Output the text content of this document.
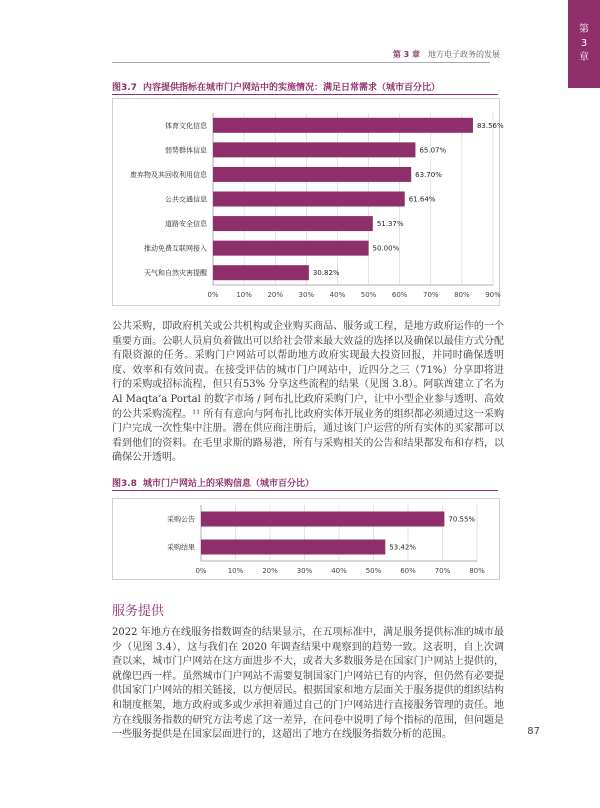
第
3
章
第 3 章 地方电子政务的发展
图3.7 内容提供指标在城市门户网站中的实施情况：满足日常需求（城市百分比）
0%	10% 20% 30% 40% 50% 60% 70% 80% 90%
体育文化信息	83.56%
弱势群体信息	65.07%
废弃物及其回收利用信息	63.70%
公共交通信息	61.64%
道路安全信息	51.37%
推动免费互联网接入	50.00%
天气和自然灾害提醒	30.82%

公共采购，即政府机关或公共机构或企业购买商品、服务或工程，是地方政府运作的一个重要方面。公职人员肩负着做出可以给社会带来最大效益的选择以及确保以最佳方式分配有限资源的任务。采购门户网站可以帮助地方政府实现最大投资回报，并同时确保透明度、效率和有效问责。在接受评估的城市门户网站中，近四分之三（71%）分享即将进行的采购或招标流程，但只有53% 分享这些流程的结果（见图 3.8）。阿联酋建立了名为 Al Maqta’a Portal 的数字市场 / 阿布扎比政府采购门户，让中小型企业参与透明、高效的公共采购流程。¹¹ 所有有意向与阿布扎比政府实体开展业务的组织都必须通过这一采购门户完成一次性集中注册。潜在供应商注册后，通过该门户运营的所有实体的买家都可以看到他们的资料。在毛里求斯的路易港，所有与采购相关的公告和结果都发布和存档，以确保公开透明。

图3.8 城市门户网站上的采购信息（城市百分比）
0%	10%	20%	30%	40%	50%	60%	70%	80%
采购公告	70.55%
采购结果	53.42%
服务提供

2022 年地方在线服务指数调查的结果显示，在五项标准中，满足服务提供标准的城市最少（见图 3.4），这与我们在 2020 年调查结果中观察到的趋势一致。这表明，自上次调查以来，城市门户网站在这方面进步不大，或者大多数服务是在国家门户网站上提供的，就像巴西一样。虽然城市门户网站不需要复制国家门户网站已有的内容，但仍然有必要提供国家门户网站的相关链接，以方便居民。根据国家和地方层面关于服务提供的组织结构和制度框架，地方政府或多或少承担着通过自己的门户网站进行直接服务管理的责任。地方在线服务指数的研究方法考虑了这一差异，在问卷中说明了每个指标的范围，但问题是一些服务提供是在国家层面进行的，这超出了地方在线服务指数分析的范围。	87
